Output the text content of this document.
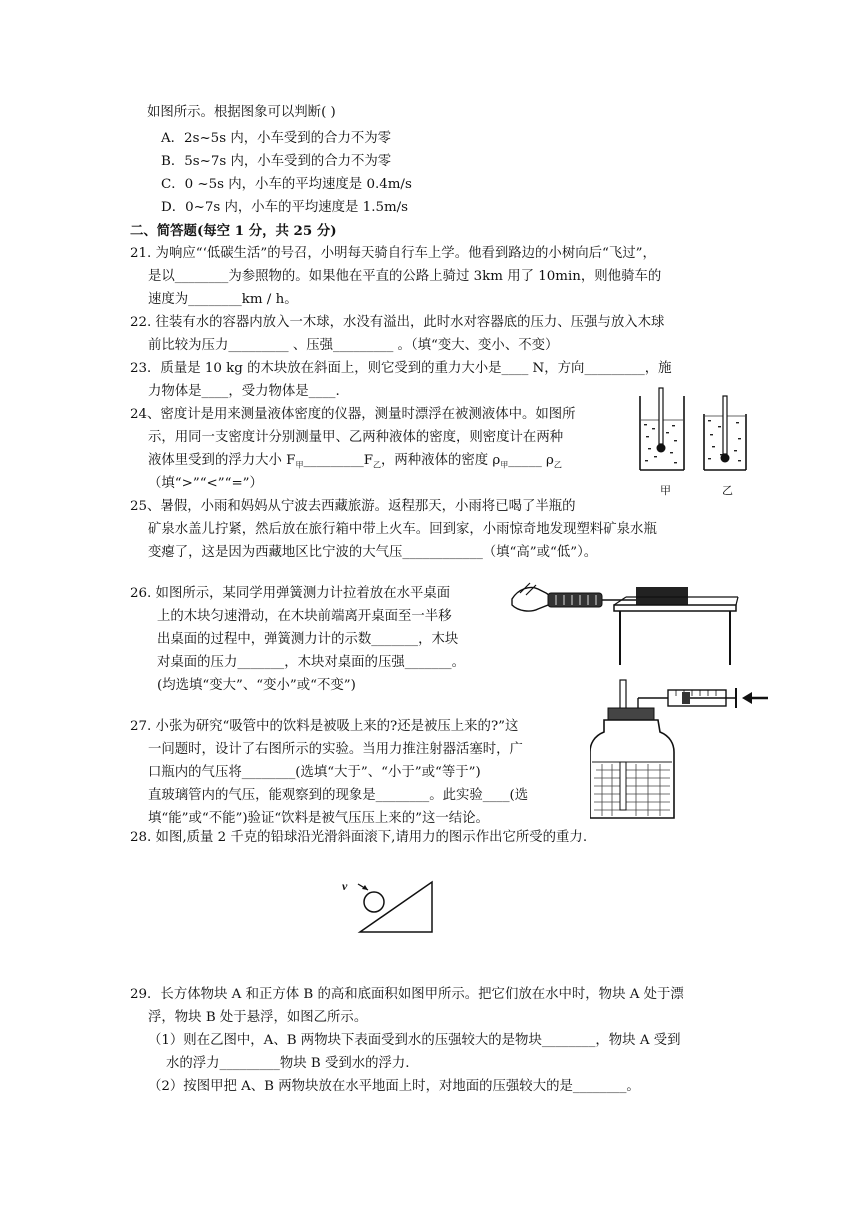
如图所示。根据图象可以判断( )
A．2s~5s 内，小车受到的合力不为零
B．5s~7s 内，小车受到的合力不为零
C．0 ~5s 内，小车的平均速度是 0.4m/s
D．0~7s 内，小车的平均速度是 1.5m/s
二、简答题(每空 1 分，共 25 分)
21. 为响应“‘低碳生活”的号召，小明每天骑自行车上学。他看到路边的小树向后“飞过”，
是以________为参照物的。如果他在平直的公路上骑过 3km 用了 10min，则他骑车的
速度为________km / h。
22. 往装有水的容器内放入一木球，水没有溢出，此时水对容器底的压力、压强与放入木球
前比较为压力_________ 、压强_________ 。（填“变大、变小、不变）
23．质量是 10 kg 的木块放在斜面上，则它受到的重力大小是____ N，方向_________，施
力物体是____，受力物体是____.
24、密度计是用来测量液体密度的仪器，测量时漂浮在被测液体中。如图所
示，用同一支密度计分别测量甲、乙两种液体的密度，则密度计在两种
液体里受到的浮力大小 $F_甲\_\_\_\_\_\_\_\_\_F_乙$，两种液体的密度 $\rho_甲\_\_\_\_\_$ $\rho_乙$
（填“>”“<”“=”）	甲	乙
25、暑假，小雨和妈妈从宁波去西藏旅游。返程那天，小雨将已喝了半瓶的
矿泉水盖儿拧紧，然后放在旅行箱中带上火车。回到家，小雨惊奇地发现塑料矿泉水瓶
变瘪了，这是因为西藏地区比宁波的大气压____________（填“高”或“低”）。
26. 如图所示，某同学用弹簧测力计拉着放在水平桌面
上的木块匀速滑动，在木块前端离开桌面至一半移
出桌面的过程中，弹簧测力计的示数_______，木块
对桌面的压力_______，木块对桌面的压强_______。
(均选填“变大”、“变小”或“不变”)
27. 小张为研究“吸管中的饮料是被吸上来的?还是被压上来的?”这
一问题时，设计了右图所示的实验。当用力推注射器活塞时，广
口瓶内的气压将________(选填“大于”、“小于”或“等于”)
直玻璃管内的气压，能观察到的现象是________。此实验____(选
填“能”或“不能”)验证“饮料是被气压压上来的”这一结论。
28. 如图,质量 2 千克的铅球沿光滑斜面滚下,请用力的图示作出它所受的重力.
v
29．长方体物块 A 和正方体 B 的高和底面积如图甲所示。把它们放在水中时，物块 A 处于漂
浮，物块 B 处于悬浮，如图乙所示。
（1）则在乙图中，A、B 两物块下表面受到水的压强较大的是物块________，物块 A 受到
水的浮力_________物块 B 受到水的浮力.
（2）按图甲把 A、B 两物块放在水平地面上时，对地面的压强较大的是________。
